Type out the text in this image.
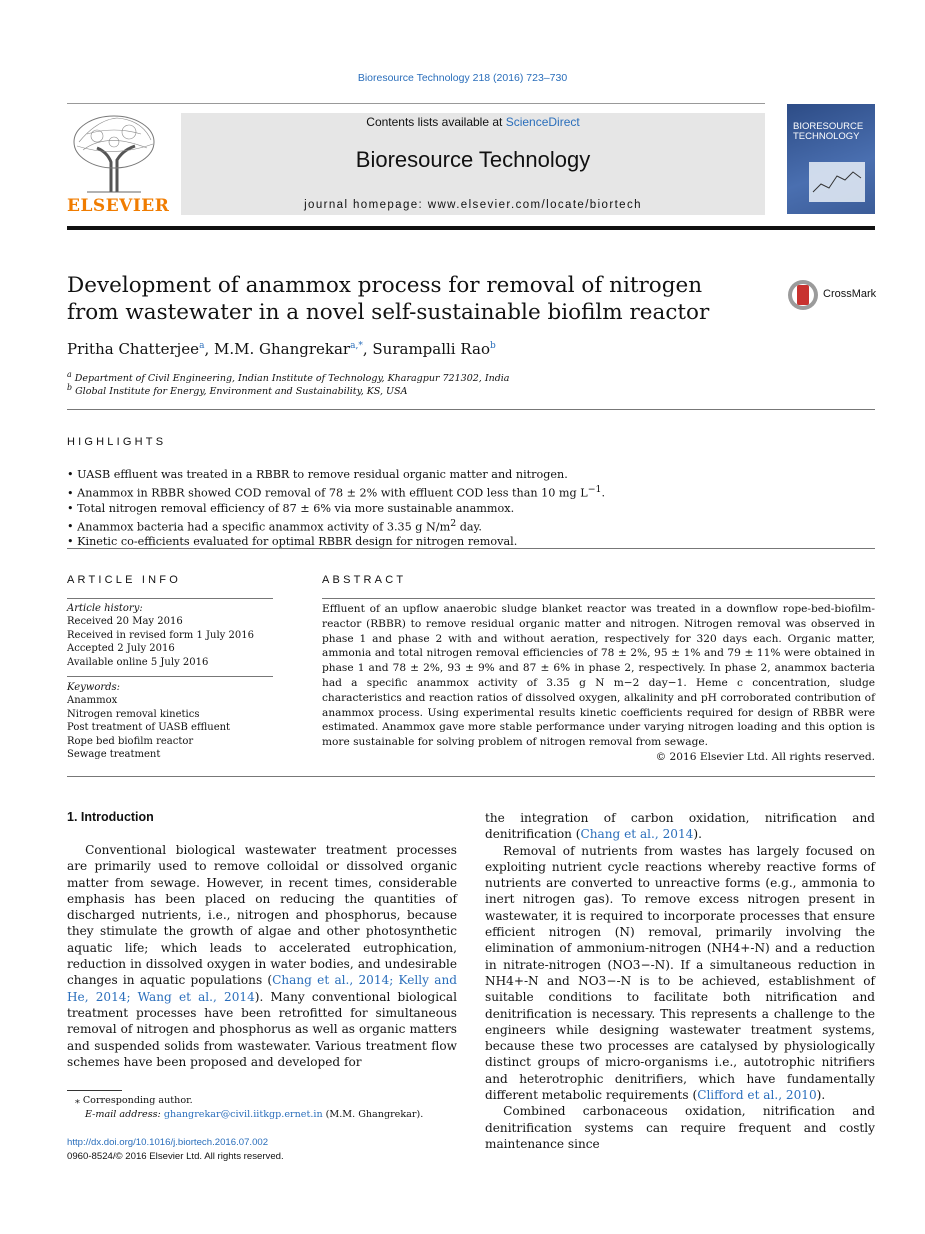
Bioresource Technology 218 (2016) 723–730
ELSEVIER
Contents lists available at ScienceDirect
Bioresource Technology
journal homepage: www.elsevier.com/locate/biortech
BIORESOURCE TECHNOLOGY
Development of anammox process for removal of nitrogen from wastewater in a novel self-sustainable biofilm reactor
CrossMark
Pritha Chatterjee$^a$, M.M. Ghangrekar$^{a,*}$, Surampalli Rao$^b$
$^a$ Department of Civil Engineering, Indian Institute of Technology, Kharagpur 721302, India
$^b$ Global Institute for Energy, Environment and Sustainability, KS, USA
HIGHLIGHTS
• UASB effluent was treated in a RBBR to remove residual organic matter and nitrogen.
• Anammox in RBBR showed COD removal of 78 ± 2% with effluent COD less than 10 mg $L^{-1}$.
• Total nitrogen removal efficiency of 87 ± 6% via more sustainable anammox.
• Anammox bacteria had a specific anammox activity of 3.35 g $N/m^2$ day.
• Kinetic co-efficients evaluated for optimal RBBR design for nitrogen removal.
ARTICLE INFO	ABSTRACT
Article history:
Received 20 May 2016
Received in revised form 1 July 2016
Accepted 2 July 2016
Available online 5 July 2016
Keywords:
Anammox
Nitrogen removal kinetics
Post treatment of UASB effluent
Rope bed biofilm reactor
Sewage treatment

Effluent of an upflow anaerobic sludge blanket reactor was treated in a downflow rope-bed-biofilm-reactor (RBBR) to remove residual organic matter and nitrogen. Nitrogen removal was observed in phase 1 and phase 2 with and without aeration, respectively for 320 days each. Organic matter, ammonia and total nitrogen removal efficiencies of 78 ± 2%, 95 ± 1% and 79 ± 11% were obtained in phase 1 and 78 ± 2%, 93 ± 9% and 87 ± 6% in phase 2, respectively. In phase 2, anammox bacteria had a specific anammox activity of 3.35 g N m−2 day−1. Heme c concentration, sludge characteristics and reaction ratios of dissolved oxygen, alkalinity and pH corroborated contribution of anammox process. Using experimental results kinetic coefficients required for design of RBBR were estimated. Anammox gave more stable performance under varying nitrogen loading and this option is more sustainable for solving problem of nitrogen removal from sewage.

© 2016 Elsevier Ltd. All rights reserved.

1. Introduction

Conventional biological wastewater treatment processes are primarily used to remove colloidal or dissolved organic matter from sewage. However, in recent times, considerable emphasis has been placed on reducing the quantities of discharged nutrients, i.e., nitrogen and phosphorus, because they stimulate the growth of algae and other photosynthetic aquatic life; which leads to accelerated eutrophication, reduction in dissolved oxygen in water bodies, and undesirable changes in aquatic populations (Chang et al., 2014; Kelly and He, 2014; Wang et al., 2014). Many conventional biological treatment processes have been retrofitted for simultaneous removal of nitrogen and phosphorus as well as organic matters and suspended solids from wastewater. Various treatment flow schemes have been proposed and developed for

the integration of carbon oxidation, nitrification and denitrification (Chang et al., 2014).

Removal of nutrients from wastes has largely focused on exploiting nutrient cycle reactions whereby reactive forms of nutrients are converted to unreactive forms (e.g., ammonia to inert nitrogen gas). To remove excess nitrogen present in wastewater, it is required to incorporate processes that ensure efficient nitrogen (N) removal, primarily involving the elimination of ammonium-nitrogen (NH4+-N) and a reduction in nitrate-nitrogen (NO3−-N). If a simultaneous reduction in NH4+-N and NO3−-N is to be achieved, establishment of suitable conditions to facilitate both nitrification and denitrification is necessary. This represents a challenge to the engineers while designing wastewater treatment systems, because these two processes are catalysed by physiologically distinct groups of micro-organisms i.e., autotrophic nitrifiers and heterotrophic denitrifiers, which have fundamentally different metabolic requirements (Clifford et al., 2010).

Combined carbonaceous oxidation, nitrification and denitrification systems can require frequent and costly maintenance since

⁎ Corresponding author.
E-mail address: ghangrekar@civil.iitkgp.ernet.in (M.M. Ghangrekar).
http://dx.doi.org/10.1016/j.biortech.2016.07.002
0960-8524/© 2016 Elsevier Ltd. All rights reserved.
